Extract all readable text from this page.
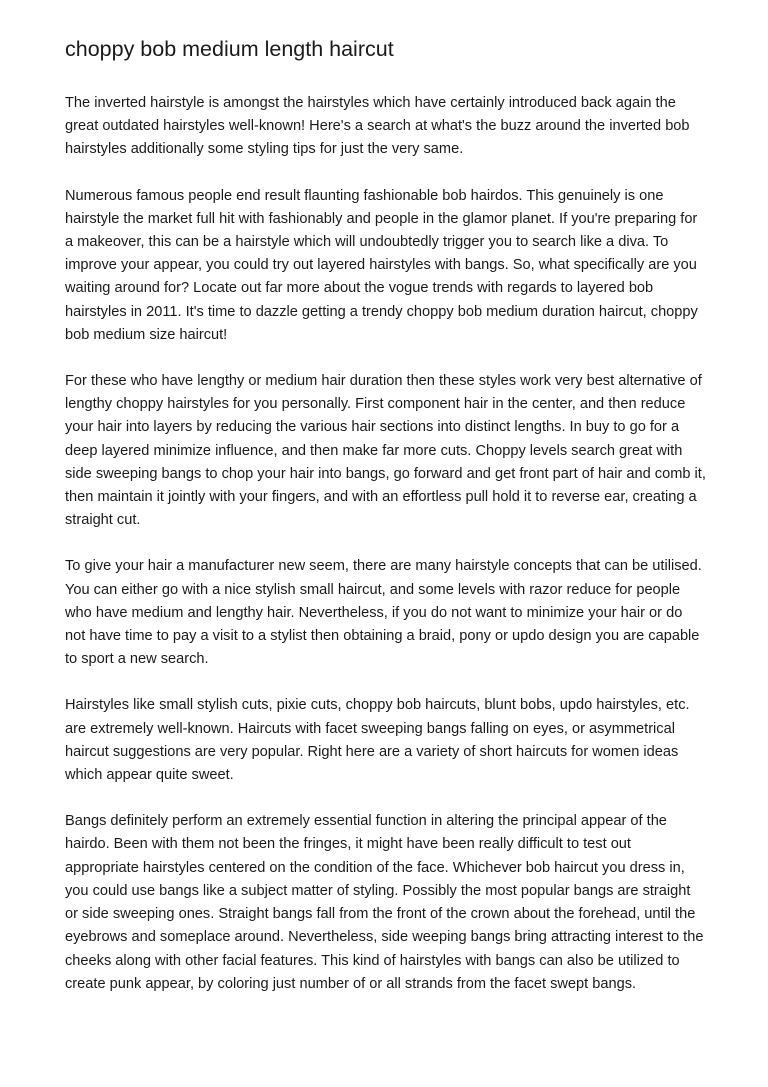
choppy bob medium length haircut

The inverted hairstyle is amongst the hairstyles which have certainly introduced back again the great outdated hairstyles well-known! Here's a search at what's the buzz around the inverted bob hairstyles additionally some styling tips for just the very same.

Numerous famous people end result flaunting fashionable bob hairdos. This genuinely is one hairstyle the market full hit with fashionably and people in the glamor planet. If you're preparing for a makeover, this can be a hairstyle which will undoubtedly trigger you to search like a diva. To improve your appear, you could try out layered hairstyles with bangs. So, what specifically are you waiting around for? Locate out far more about the vogue trends with regards to layered bob hairstyles in 2011. It's time to dazzle getting a trendy choppy bob medium duration haircut, choppy bob medium size haircut!

For these who have lengthy or medium hair duration then these styles work very best alternative of lengthy choppy hairstyles for you personally. First component hair in the center, and then reduce your hair into layers by reducing the various hair sections into distinct lengths. In buy to go for a deep layered minimize influence, and then make far more cuts. Choppy levels search great with side sweeping bangs to chop your hair into bangs, go forward and get front part of hair and comb it, then maintain it jointly with your fingers, and with an effortless pull hold it to reverse ear, creating a straight cut.

To give your hair a manufacturer new seem, there are many hairstyle concepts that can be utilised. You can either go with a nice stylish small haircut, and some levels with razor reduce for people who have medium and lengthy hair. Nevertheless, if you do not want to minimize your hair or do not have time to pay a visit to a stylist then obtaining a braid, pony or updo design you are capable to sport a new search.

Hairstyles like small stylish cuts, pixie cuts, choppy bob haircuts, blunt bobs, updo hairstyles, etc. are extremely well-known. Haircuts with facet sweeping bangs falling on eyes, or asymmetrical haircut suggestions are very popular. Right here are a variety of short haircuts for women ideas which appear quite sweet.

Bangs definitely perform an extremely essential function in altering the principal appear of the hairdo. Been with them not been the fringes, it might have been really difficult to test out appropriate hairstyles centered on the condition of the face. Whichever bob haircut you dress in, you could use bangs like a subject matter of styling. Possibly the most popular bangs are straight or side sweeping ones. Straight bangs fall from the front of the crown about the forehead, until the eyebrows and someplace around. Nevertheless, side weeping bangs bring attracting interest to the cheeks along with other facial features. This kind of hairstyles with bangs can also be utilized to create punk appear, by coloring just number of or all strands from the facet swept bangs.
